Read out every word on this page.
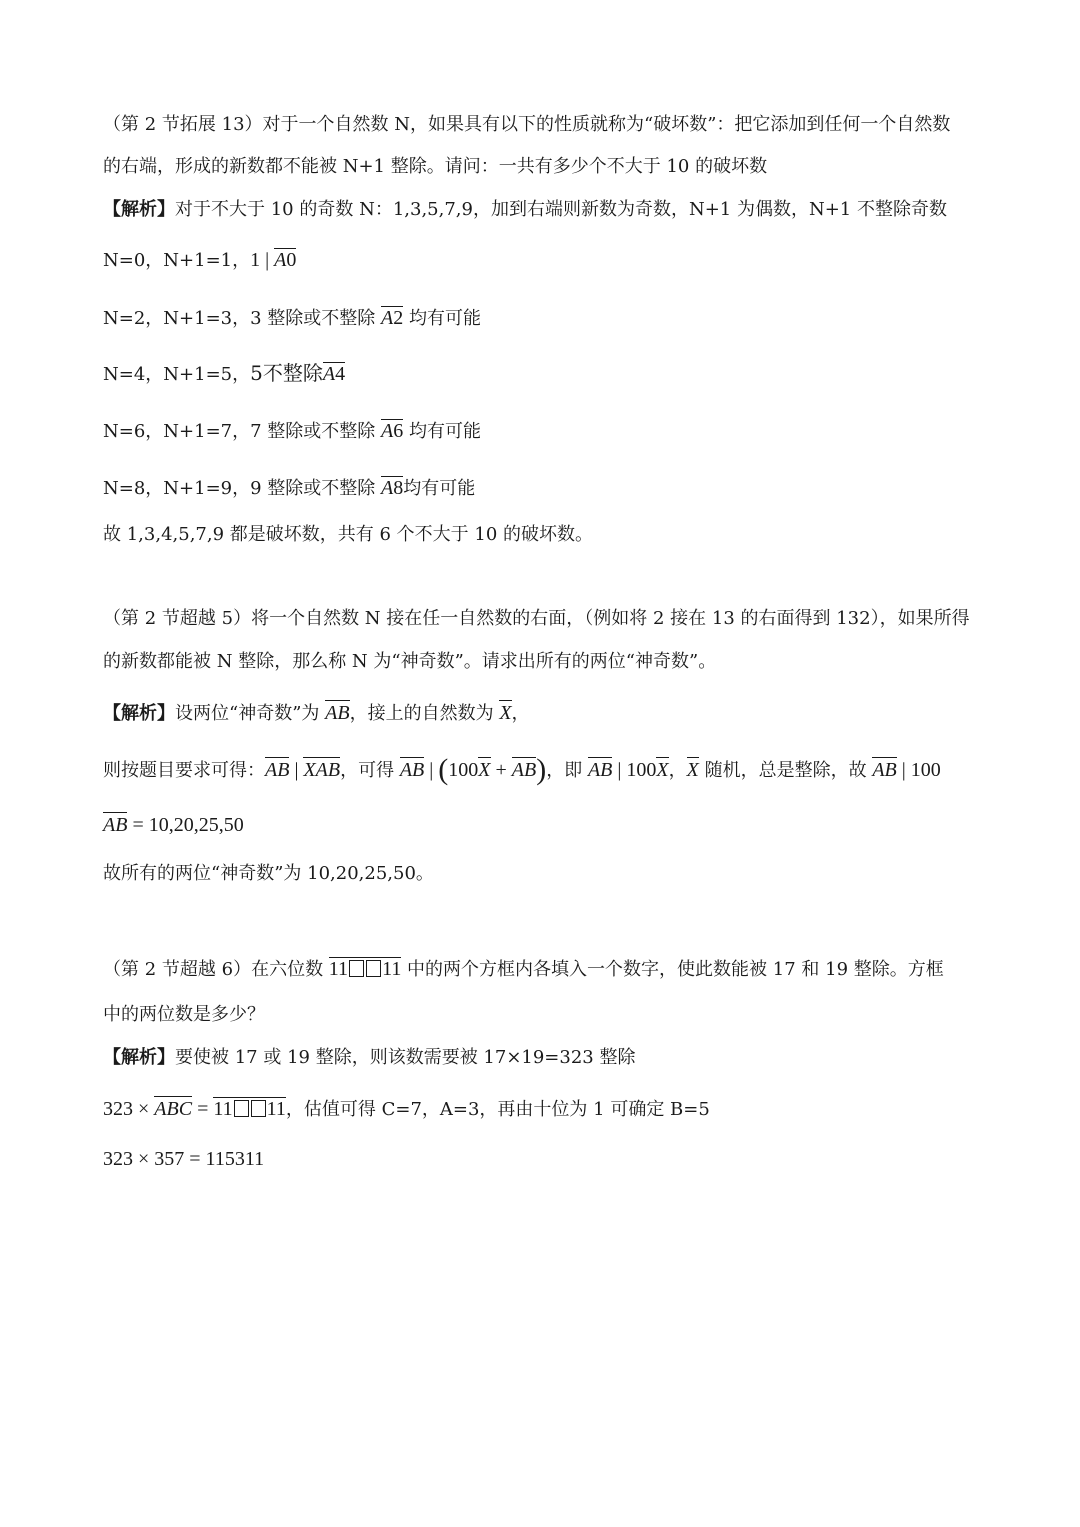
（第 2 节拓展 13）对于一个自然数 N，如果具有以下的性质就称为“破坏数”：把它添加到任何一个自然数
的右端，形成的新数都不能被 N+1 整除。请问：一共有多少个不大于 10 的破坏数
【解析】对于不大于 10 的奇数 N：1,3,5,7,9，加到右端则新数为奇数，N+1 为偶数，N+1 不整除奇数
N=0，N+1=1，1 | A0
N=2，N+1=3，3 整除或不整除 A2 均有可能
N=4，N+1=5，5不整除A4
N=6，N+1=7，7 整除或不整除 A6 均有可能
N=8，N+1=9，9 整除或不整除 A8均有可能
故 1,3,4,5,7,9 都是破坏数，共有 6 个不大于 10 的破坏数。
（第 2 节超越 5）将一个自然数 N 接在任一自然数的右面，（例如将 2 接在 13 的右面得到 132），如果所得
的新数都能被 N 整除，那么称 N 为“神奇数”。请求出所有的两位“神奇数”。
【解析】设两位“神奇数”为 AB，接上的自然数为 X，
则按题目要求可得：AB | XAB，可得 AB | (100X + AB)，即 AB | 100X，X 随机，总是整除，故 AB | 100
AB = 10,20,25,50
故所有的两位“神奇数”为 10,20,25,50。
（第 2 节超越 6）在六位数 11 11 中的两个方框内各填入一个数字，使此数能被 17 和 19 整除。方框
中的两位数是多少？
【解析】要使被 17 或 19 整除，则该数需要被 17×19=323 整除
323 × ABC = 11 11，估值可得 C=7，A=3，再由十位为 1 可确定 B=5
323 × 357 = 115311
